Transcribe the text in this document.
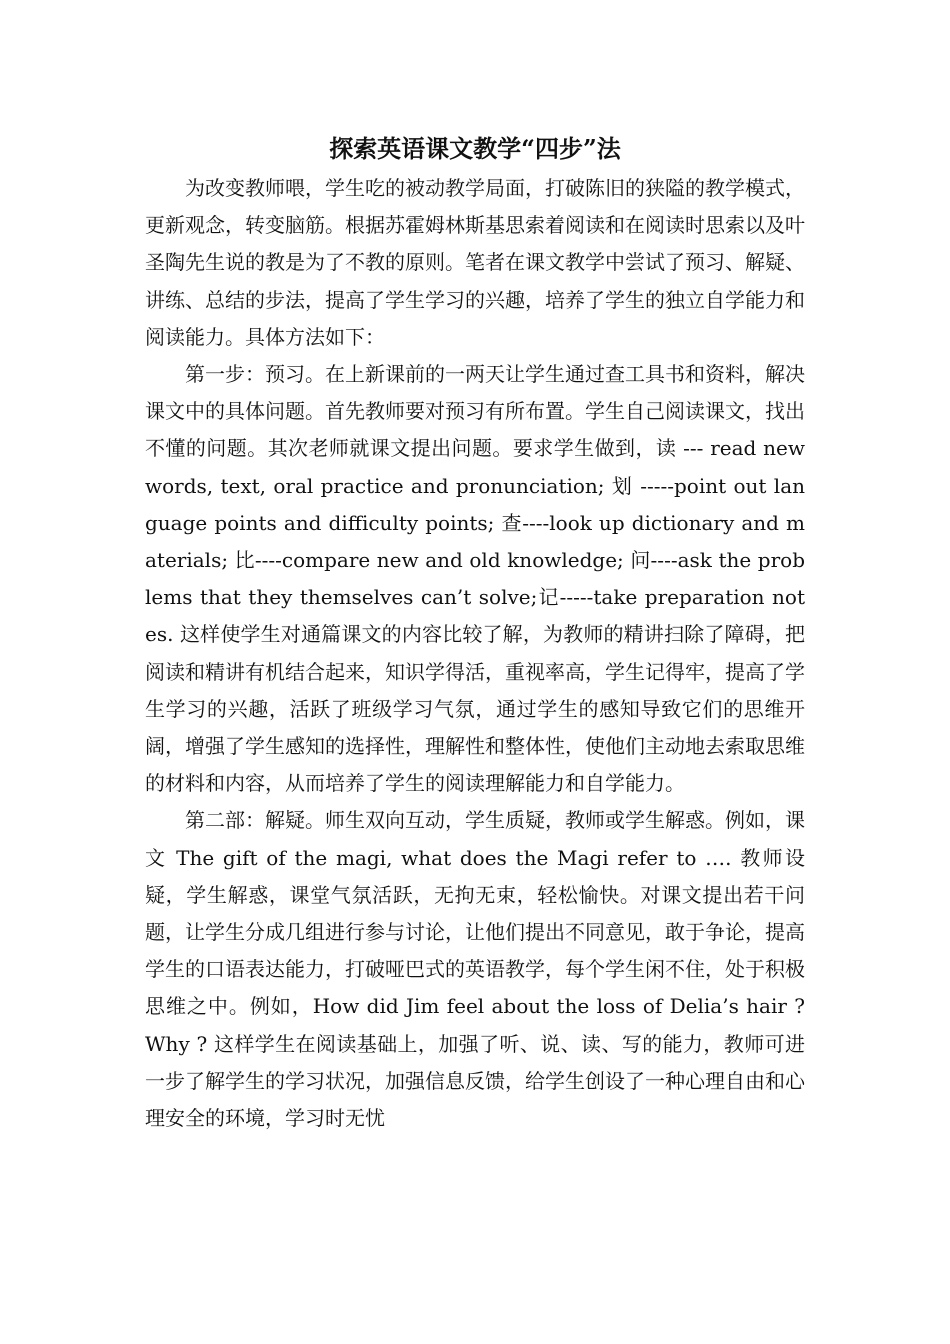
探索英语课文教学“四步”法

为改变教师喂，学生吃的被动教学局面，打破陈旧的狭隘的教学模式，更新观念，转变脑筋。根据苏霍姆林斯基思索着阅读和在阅读时思索以及叶圣陶先生说的教是为了不教的原则。笔者在课文教学中尝试了预习、解疑、讲练、总结的步法，提高了学生学习的兴趣，培养了学生的独立自学能力和阅读能力。具体方法如下：

第一步：预习。在上新课前的一两天让学生通过查工具书和资料，解决课文中的具体问题。首先教师要对预习有所布置。学生自己阅读课文，找出不懂的问题。其次老师就课文提出问题。要求学生做到，读 --- read new words, text, oral practice and pronunciation; 划 -----point out language points and difficulty points; 查----look up dictionary and materials; 比----compare new and old knowledge; 问----ask the problems that they themselves can’t solve;记-----take preparation notes. 这样使学生对通篇课文的内容比较了解，为教师的精讲扫除了障碍，把阅读和精讲有机结合起来，知识学得活，重视率高，学生记得牢，提高了学生学习的兴趣，活跃了班级学习气氛，通过学生的感知导致它们的思维开阔，增强了学生感知的选择性，理解性和整体性，使他们主动地去索取思维的材料和内容，从而培养了学生的阅读理解能力和自学能力。

第二部：解疑。师生双向互动，学生质疑，教师或学生解惑。例如，课文 The gift of the magi, what does the Magi refer to …. 教师设疑，学生解惑，课堂气氛活跃，无拘无束，轻松愉快。对课文提出若干问题，让学生分成几组进行参与讨论，让他们提出不同意见，敢于争论，提高学生的口语表达能力，打破哑巴式的英语教学，每个学生闲不住，处于积极思维之中。例如，How did Jim feel about the loss of Delia’s hair ? Why ? 这样学生在阅读基础上，加强了听、说、读、写的能力，教师可进一步了解学生的学习状况，加强信息反馈，给学生创设了一种心理自由和心理安全的环境，学习时无忧
